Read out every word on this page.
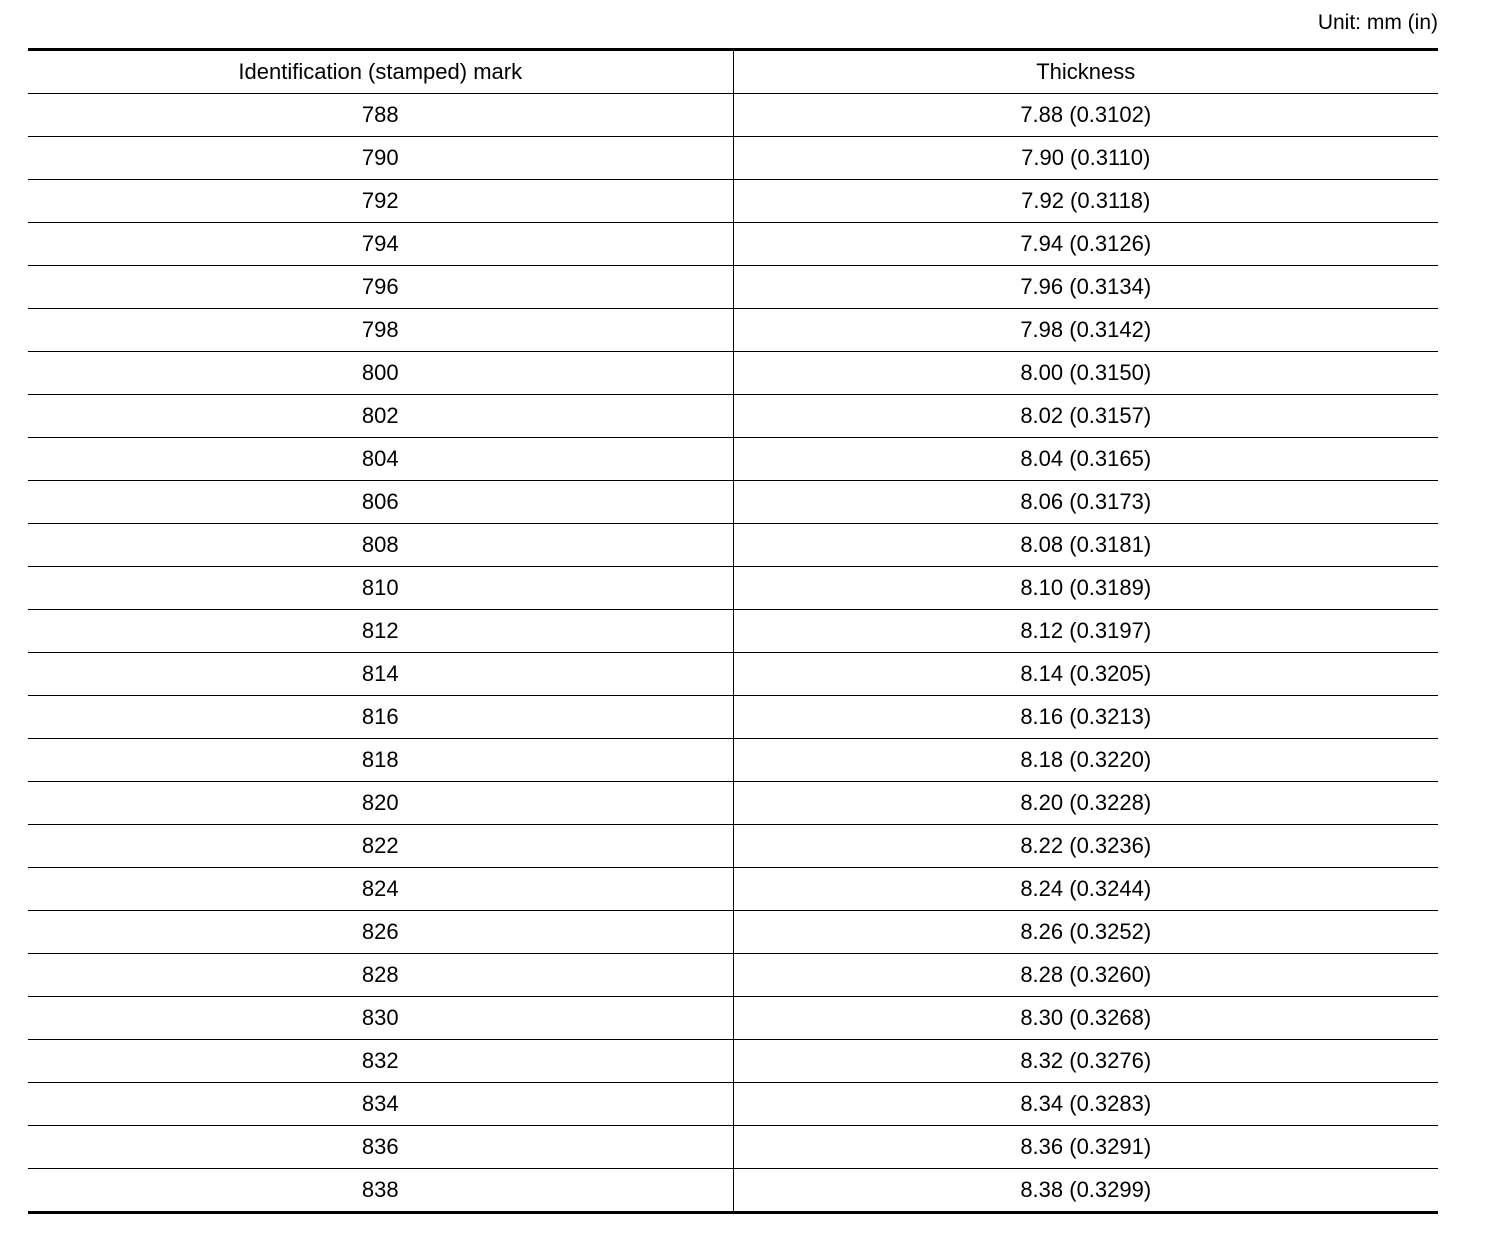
Unit: mm (in)
Identification (stamped) mark	Thickness
788	7.88 (0.3102)
790	7.90 (0.3110)
792	7.92 (0.3118)
794	7.94 (0.3126)
796	7.96 (0.3134)
798	7.98 (0.3142)
800	8.00 (0.3150)
802	8.02 (0.3157)
804	8.04 (0.3165)
806	8.06 (0.3173)
808	8.08 (0.3181)
810	8.10 (0.3189)
812	8.12 (0.3197)
814	8.14 (0.3205)
816	8.16 (0.3213)
818	8.18 (0.3220)
820	8.20 (0.3228)
822	8.22 (0.3236)
824	8.24 (0.3244)
826	8.26 (0.3252)
828	8.28 (0.3260)
830	8.30 (0.3268)
832	8.32 (0.3276)
834	8.34 (0.3283)
836	8.36 (0.3291)
838	8.38 (0.3299)
